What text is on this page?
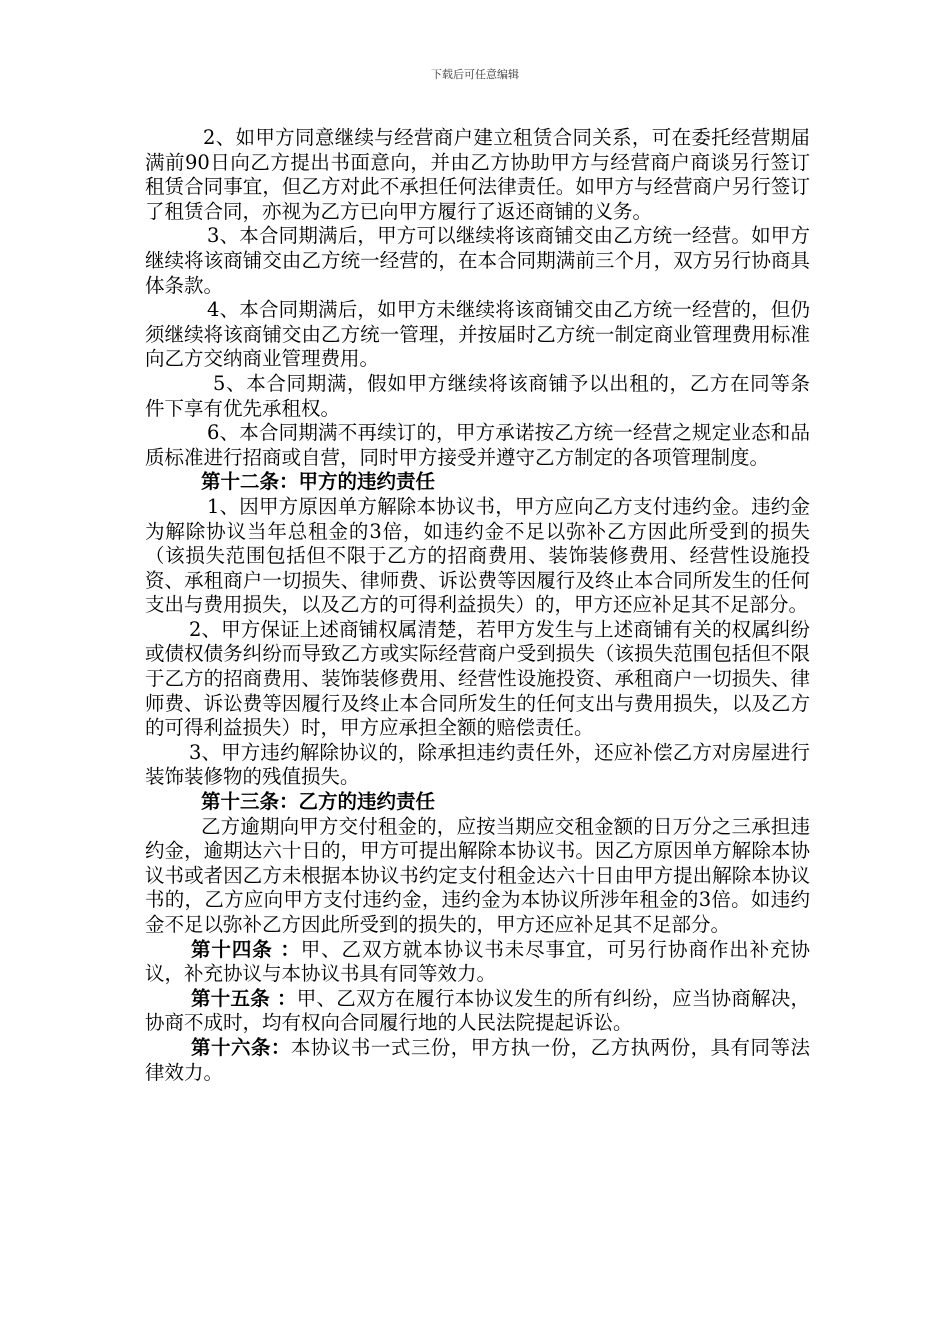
下载后可任意编辑

2、如甲方同意继续与经营商户建立租赁合同关系，可在委托经营期届满前90日向乙方提出书面意向，并由乙方协助甲方与经营商户商谈另行签订租赁合同事宜，但乙方对此不承担任何法律责任。如甲方与经营商户另行签订了租赁合同，亦视为乙方已向甲方履行了返还商铺的义务。

3、本合同期满后，甲方可以继续将该商铺交由乙方统一经营。如甲方继续将该商铺交由乙方统一经营的，在本合同期满前三个月，双方另行协商具体条款。

4、本合同期满后，如甲方未继续将该商铺交由乙方统一经营的，但仍须继续将该商铺交由乙方统一管理，并按届时乙方统一制定商业管理费用标准向乙方交纳商业管理费用。

5、本合同期满，假如甲方继续将该商铺予以出租的，乙方在同等条件下享有优先承租权。

6、本合同期满不再续订的，甲方承诺按乙方统一经营之规定业态和品质标准进行招商或自营，同时甲方接受并遵守乙方制定的各项管理制度。

第十二条：甲方的违约责任

1、因甲方原因单方解除本协议书，甲方应向乙方支付违约金。违约金为解除协议当年总租金的3倍，如违约金不足以弥补乙方因此所受到的损失（该损失范围包括但不限于乙方的招商费用、装饰装修费用、经营性设施投资、承租商户一切损失、律师费、诉讼费等因履行及终止本合同所发生的任何支出与费用损失，以及乙方的可得利益损失）的，甲方还应补足其不足部分。

2、甲方保证上述商铺权属清楚，若甲方发生与上述商铺有关的权属纠纷或债权债务纠纷而导致乙方或实际经营商户受到损失（该损失范围包括但不限于乙方的招商费用、装饰装修费用、经营性设施投资、承租商户一切损失、律师费、诉讼费等因履行及终止本合同所发生的任何支出与费用损失，以及乙方的可得利益损失）时，甲方应承担全额的赔偿责任。

3、甲方违约解除协议的，除承担违约责任外，还应补偿乙方对房屋进行装饰装修物的残值损失。

第十三条：乙方的违约责任

乙方逾期向甲方交付租金的，应按当期应交租金额的日万分之三承担违约金，逾期达六十日的，甲方可提出解除本协议书。因乙方原因单方解除本协议书或者因乙方未根据本协议书约定支付租金达六十日由甲方提出解除本协议书的，乙方应向甲方支付违约金，违约金为本协议所涉年租金的3倍。如违约金不足以弥补乙方因此所受到的损失的，甲方还应补足其不足部分。

第十四条 ：甲、乙双方就本协议书未尽事宜，可另行协商作出补充协议，补充协议与本协议书具有同等效力。

第十五条 ：甲、乙双方在履行本协议发生的所有纠纷，应当协商解决，协商不成时，均有权向合同履行地的人民法院提起诉讼。

第十六条：本协议书一式三份，甲方执一份，乙方执两份，具有同等法律效力。
